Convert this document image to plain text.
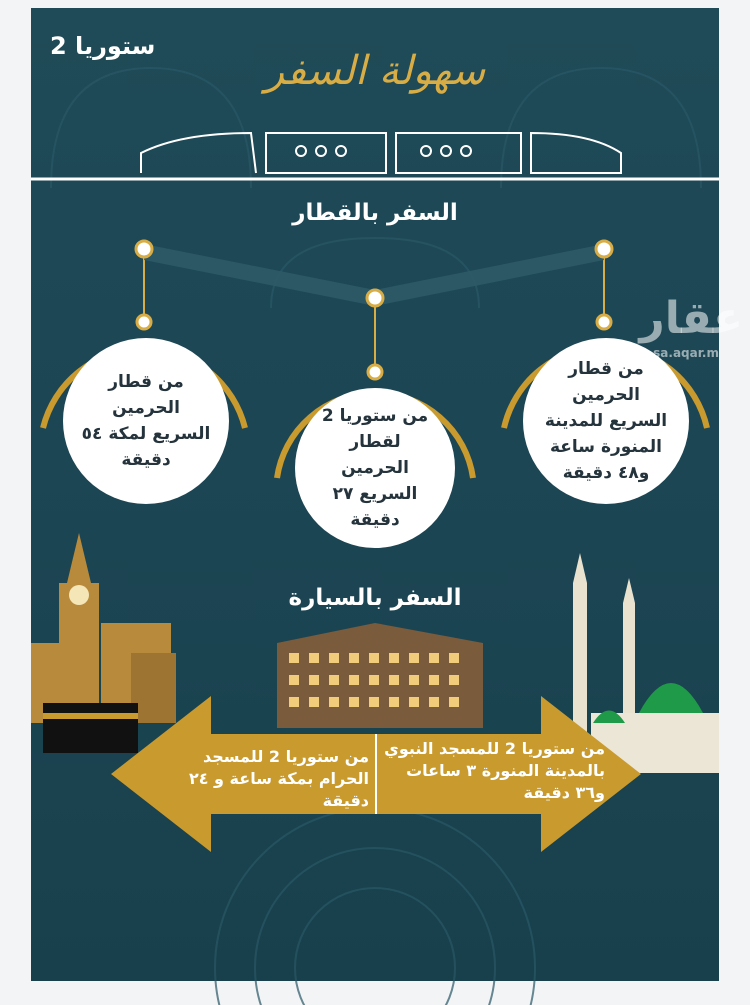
ستوريا 2
سهولة السفر
السفر بالقطار
من قطار الحرمين السريع لمكة ٥٤ دقيقة
من ستوريا 2 لقطار الحرمين السريع ٢٧ دقيقة
من قطار الحرمين السريع للمدينة المنورة ساعة و٤٨ دقيقة
السفر بالسيارة
من ستوريا 2 للمسجد الحرام بمكة ساعة و ٢٤ دقيقة
من ستوريا 2 للمسجد النبوي بالمدينة المنورة ٣ ساعات و٣٦ دقيقة
عقار
sa.aqar.m
